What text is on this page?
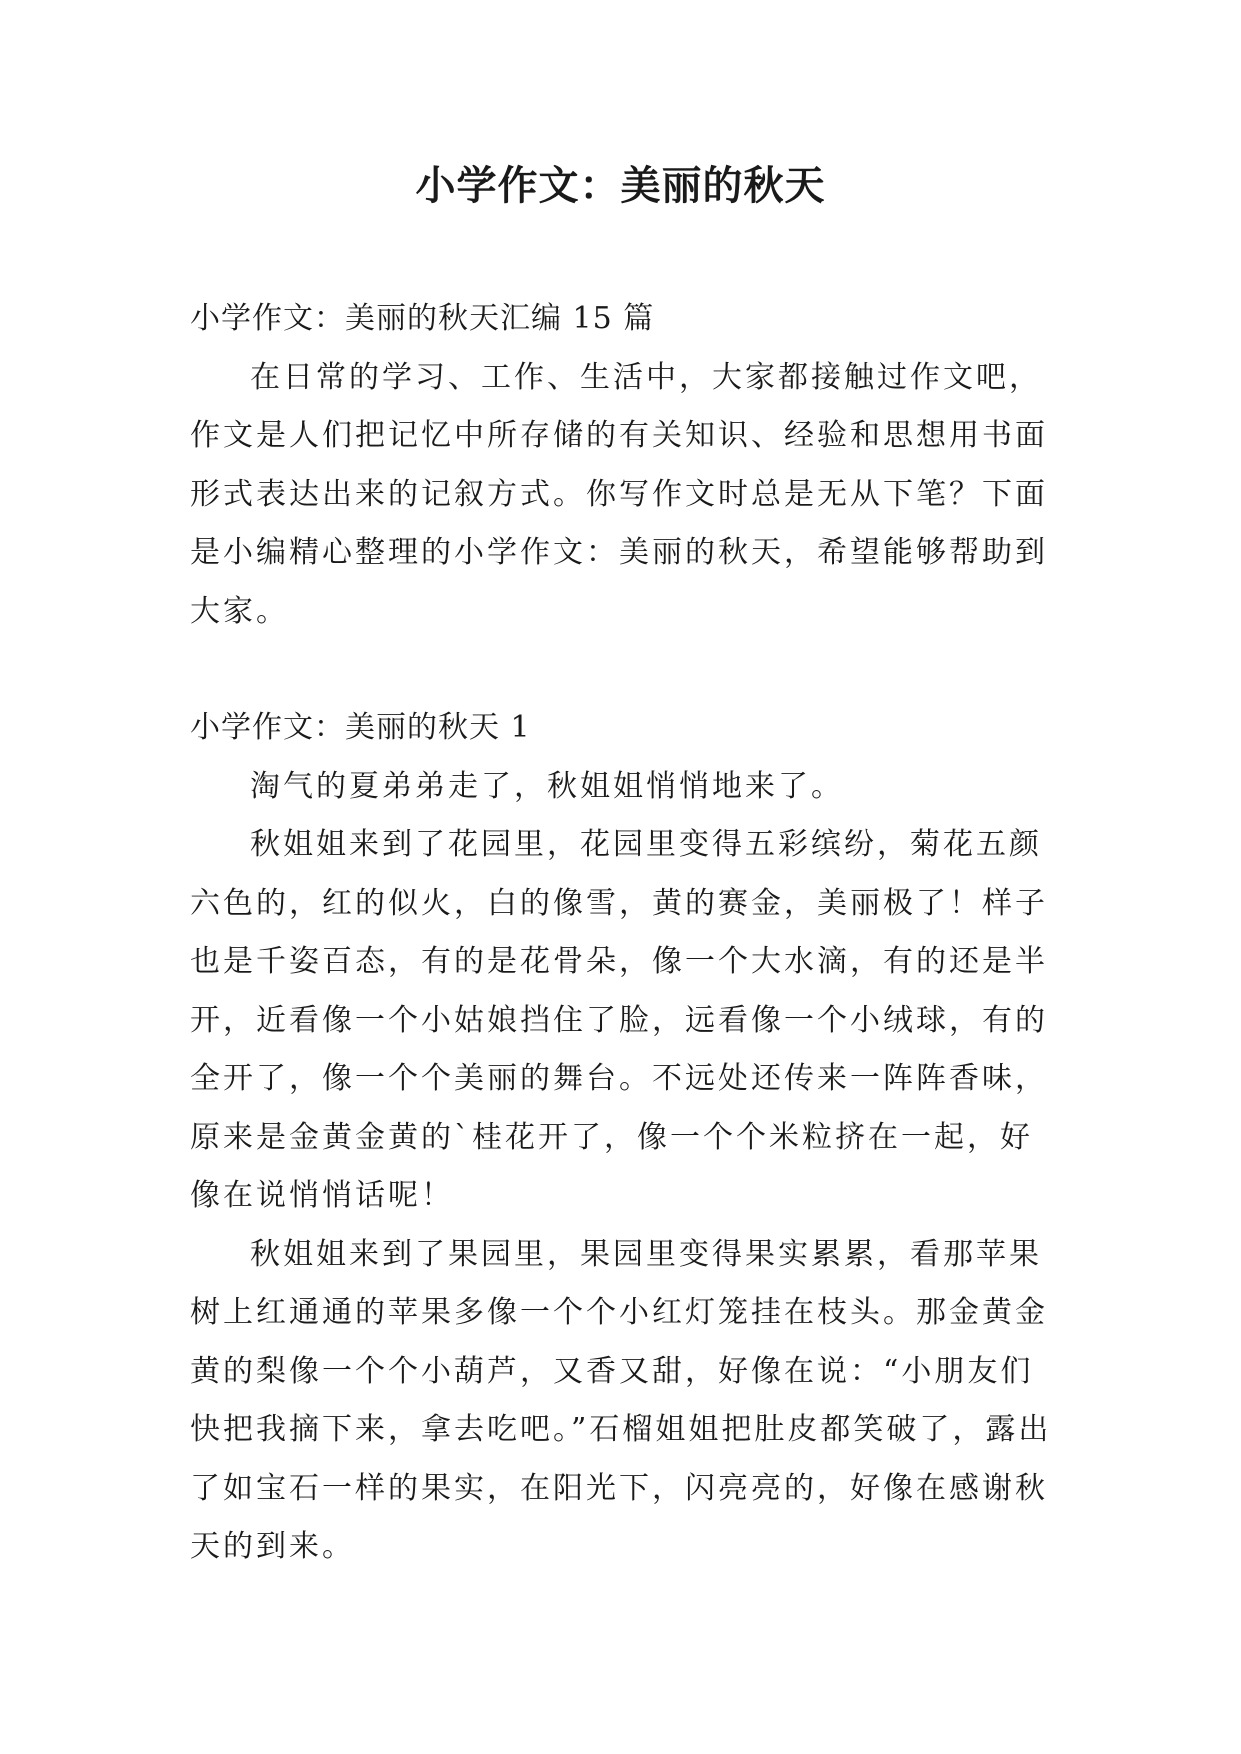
小学作文：美丽的秋天

小学作文：美丽的秋天汇编 15 篇

在日常的学习、工作、生活中，大家都接触过作文吧，作文是人们把记忆中所存储的有关知识、经验和思想用书面形式表达出来的记叙方式。你写作文时总是无从下笔？下面是小编精心整理的小学作文：美丽的秋天，希望能够帮助到大家。

小学作文：美丽的秋天 1

淘气的夏弟弟走了，秋姐姐悄悄地来了。

秋姐姐来到了花园里，花园里变得五彩缤纷，菊花五颜六色的，红的似火，白的像雪，黄的赛金，美丽极了！样子也是千姿百态，有的是花骨朵，像一个大水滴，有的还是半开，近看像一个小姑娘挡住了脸，远看像一个小绒球，有的全开了，像一个个美丽的舞台。不远处还传来一阵阵香味，原来是金黄金黄的`桂花开了，像一个个米粒挤在一起，好像在说悄悄话呢！

秋姐姐来到了果园里，果园里变得果实累累，看那苹果树上红通通的苹果多像一个个小红灯笼挂在枝头。那金黄金黄的梨像一个个小葫芦，又香又甜，好像在说：“小朋友们快把我摘下来，拿去吃吧。”石榴姐姐把肚皮都笑破了，露出了如宝石一样的果实，在阳光下，闪亮亮的，好像在感谢秋天的到来。
